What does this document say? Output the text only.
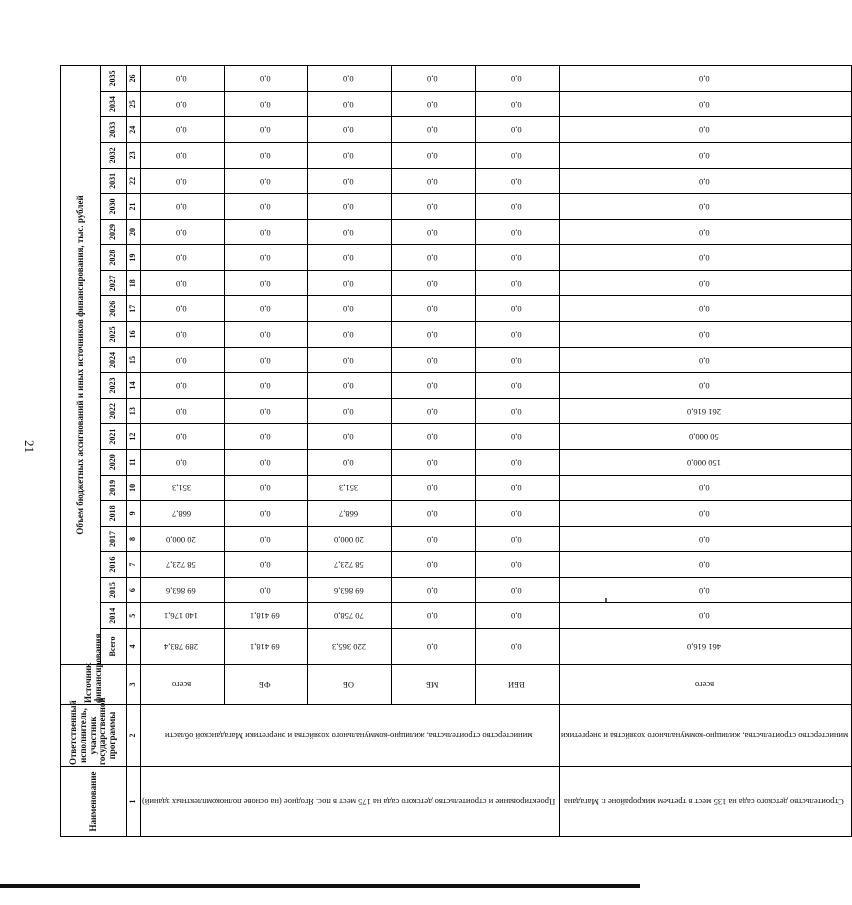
21
Наименование	Ответственный исполнитель, участник государственной программы	Источник финансирования	Объем бюджетных ассигнований и иных источников финансирования, тыс. рублей																						
			Всего	2014	2015	2016	2017	2018	2019	2020	2021	2022	2023	2024	2025	2026	2027	2028	2029	2030	2031	2032	2033	2034	2035
1	2	3	4	5	6	7	8	9	10	11	12	13	14	15	16	17	18	19	20	21	22	23	24	25	26
Проектирование и строительство детского сада на 175 мест в пос. Ягодное (на основе полнокомплектных зданий)	министерство строительства, жилищно-коммунального хозяйства и энергетики Магаданской области	всего	289 783,4	140 176,1	69 863,6	58 723,7	20 000,0	668,7	351,3	0,0	0,0	0,0	0,0	0,0	0,0	0,0	0,0	0,0	0,0	0,0	0,0	0,0	0,0	0,0	0,0
		ФБ	69 418,1	69 418,1	0,0	0,0	0,0	0,0	0,0	0,0	0,0	0,0	0,0	0,0	0,0	0,0	0,0	0,0	0,0	0,0	0,0	0,0	0,0	0,0	0,0
		ОБ	220 365,3	70 758,0	69 863,6	58 723,7	20 000,0	668,7	351,3	0,0	0,0	0,0	0,0	0,0	0,0	0,0	0,0	0,0	0,0	0,0	0,0	0,0	0,0	0,0	0,0
		МБ	0,0	0,0	0,0	0,0	0,0	0,0	0,0	0,0	0,0	0,0	0,0	0,0	0,0	0,0	0,0	0,0	0,0	0,0	0,0	0,0	0,0	0,0	0,0
		ВБИ	0,0	0,0	0,0	0,0	0,0	0,0	0,0	0,0	0,0	0,0	0,0	0,0	0,0	0,0	0,0	0,0	0,0	0,0	0,0	0,0	0,0	0,0	0,0
Строительство детского сада на 135 мест в третьем микрорайоне г. Магадана	министерство строительства, жилищно-коммунального хозяйства и энергетики	всего	461 616,0	0,0	0,0	0,0	0,0	0,0	0,0	150 000,0	50 000,0	261 616,0	0,0	0,0	0,0	0,0	0,0	0,0	0,0	0,0	0,0	0,0	0,0	0,0	0,0
